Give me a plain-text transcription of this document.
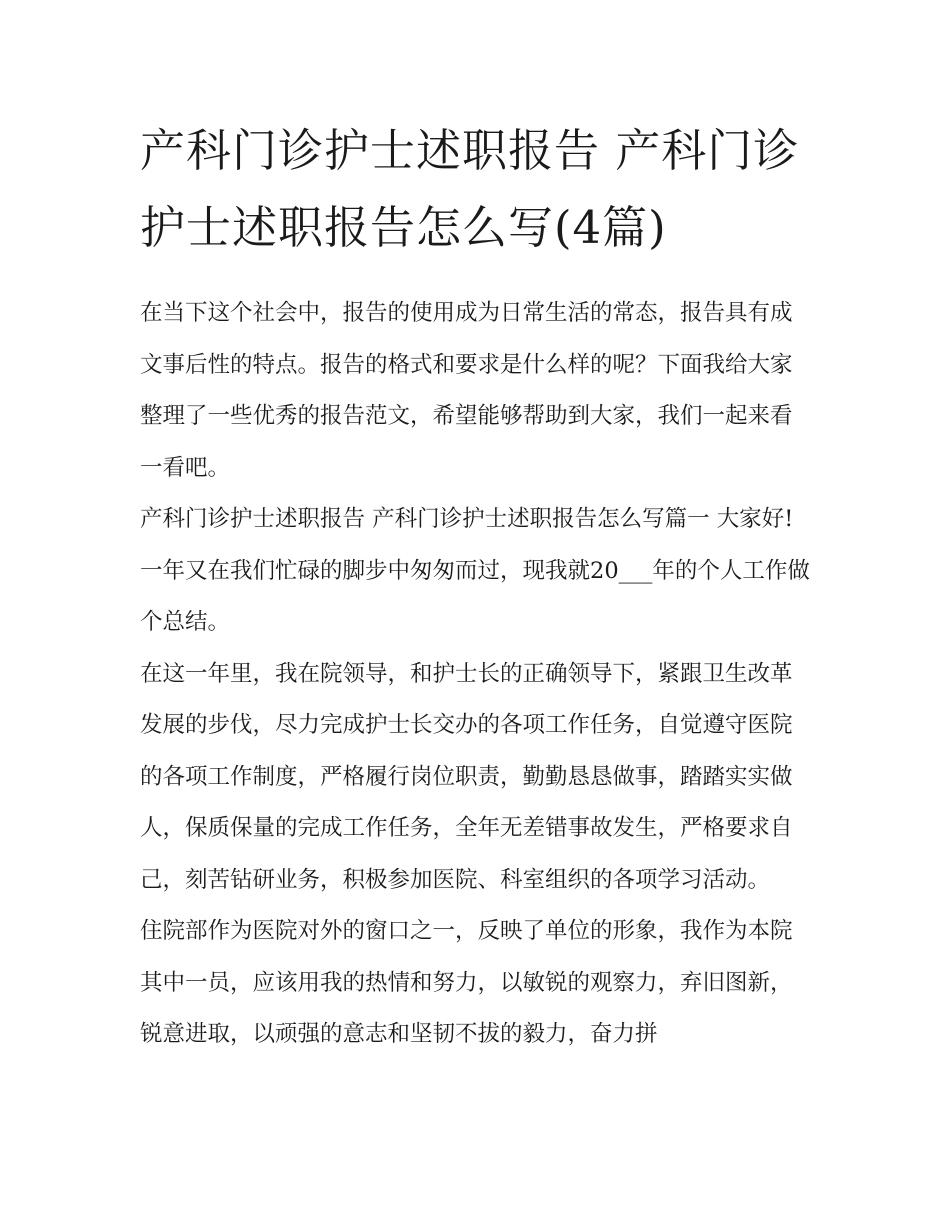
产科门诊护士述职报告 产科门诊护士述职报告怎么写(4篇)

在当下这个社会中，报告的使用成为日常生活的常态，报告具有成文事后性的特点。报告的格式和要求是什么样的呢？下面我给大家整理了一些优秀的报告范文，希望能够帮助到大家，我们一起来看一看吧。

产科门诊护士述职报告 产科门诊护士述职报告怎么写篇一 大家好! 一年又在我们忙碌的脚步中匆匆而过，现我就20___年的个人工作做个总结。

在这一年里，我在院领导，和护士长的正确领导下，紧跟卫生改革发展的步伐，尽力完成护士长交办的各项工作任务，自觉遵守医院的各项工作制度，严格履行岗位职责，勤勤恳恳做事，踏踏实实做人，保质保量的完成工作任务，全年无差错事故发生，严格要求自己，刻苦钻研业务，积极参加医院、科室组织的各项学习活动。

住院部作为医院对外的窗口之一，反映了单位的形象，我作为本院其中一员，应该用我的热情和努力，以敏锐的观察力，弃旧图新，锐意进取，以顽强的意志和坚韧不拔的毅力，奋力拼
